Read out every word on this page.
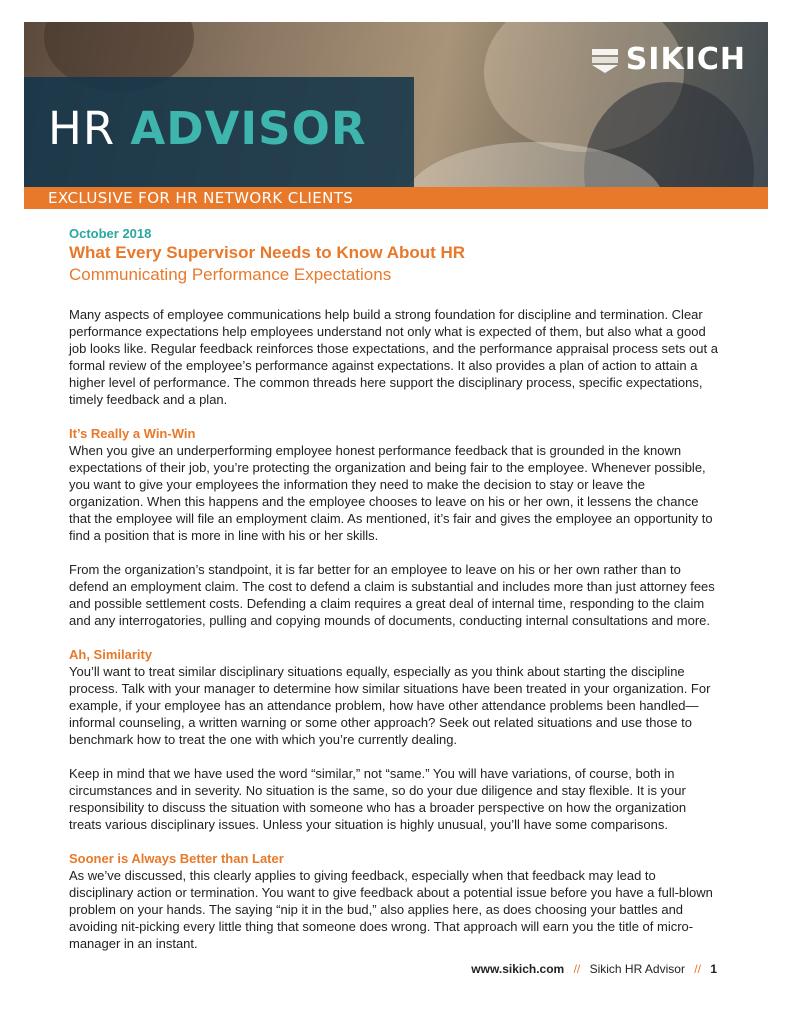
HR ADVISOR
SIKICH
EXCLUSIVE FOR HR NETWORK CLIENTS

October 2018

What Every Supervisor Needs to Know About HR

Communicating Performance Expectations

Many aspects of employee communications help build a strong foundation for discipline and termination. Clear performance expectations help employees understand not only what is expected of them, but also what a good job looks like. Regular feedback reinforces those expectations, and the performance appraisal process sets out a formal review of the employee’s performance against expectations. It also provides a plan of action to attain a higher level of performance. The common threads here support the disciplinary process, specific expectations, timely feedback and a plan.

It’s Really a Win-Win

When you give an underperforming employee honest performance feedback that is grounded in the known expectations of their job, you’re protecting the organization and being fair to the employee. Whenever possible, you want to give your employees the information they need to make the decision to stay or leave the organization. When this happens and the employee chooses to leave on his or her own, it lessens the chance that the employee will file an employment claim. As mentioned, it’s fair and gives the employee an opportunity to find a position that is more in line with his or her skills.

From the organization’s standpoint, it is far better for an employee to leave on his or her own rather than to defend an employment claim. The cost to defend a claim is substantial and includes more than just attorney fees and possible settlement costs. Defending a claim requires a great deal of internal time, responding to the claim and any interrogatories, pulling and copying mounds of documents, conducting internal consultations and more.

Ah, Similarity

You’ll want to treat similar disciplinary situations equally, especially as you think about starting the discipline process. Talk with your manager to determine how similar situations have been treated in your organization. For example, if your employee has an attendance problem, how have other attendance problems been handled—informal counseling, a written warning or some other approach? Seek out related situations and use those to benchmark how to treat the one with which you’re currently dealing.

Keep in mind that we have used the word “similar,” not “same.” You will have variations, of course, both in circumstances and in severity. No situation is the same, so do your due diligence and stay flexible. It is your responsibility to discuss the situation with someone who has a broader perspective on how the organization treats various disciplinary issues. Unless your situation is highly unusual, you’ll have some comparisons.

Sooner is Always Better than Later

As we’ve discussed, this clearly applies to giving feedback, especially when that feedback may lead to disciplinary action or termination. You want to give feedback about a potential issue before you have a full-blown problem on your hands. The saying “nip it in the bud,” also applies here, as does choosing your battles and avoiding nit-picking every little thing that someone does wrong. That approach will earn you the title of micro-manager in an instant.

www.sikich.com // Sikich HR Advisor // 1
